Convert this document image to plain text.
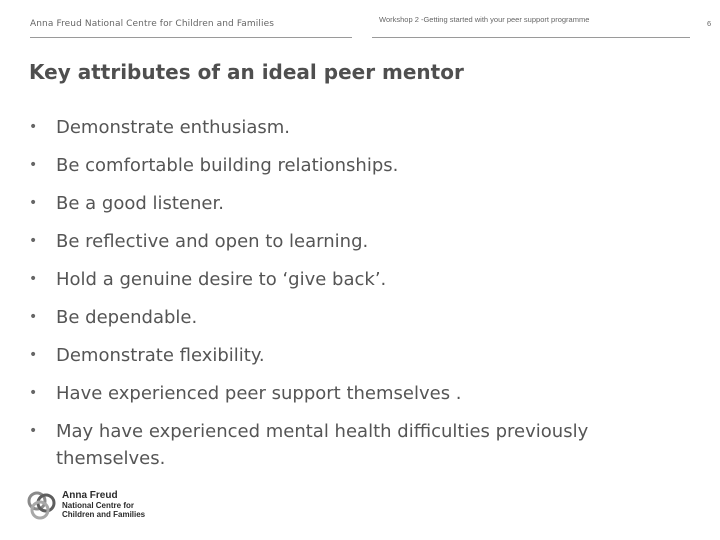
Anna Freud National Centre for Children and Families	Workshop 2 -Getting started with your peer support programme	6
Key attributes of an ideal peer mentor
• Demonstrate enthusiasm.
• Be comfortable building relationships.
• Be a good listener.
• Be reflective and open to learning.
• Hold a genuine desire to ‘give back’.
• Be dependable.
• Demonstrate flexibility.
• Have experienced peer support themselves .
• May have experienced mental health difficulties previously themselves.
Anna Freud
National Centre for
Children and Families
